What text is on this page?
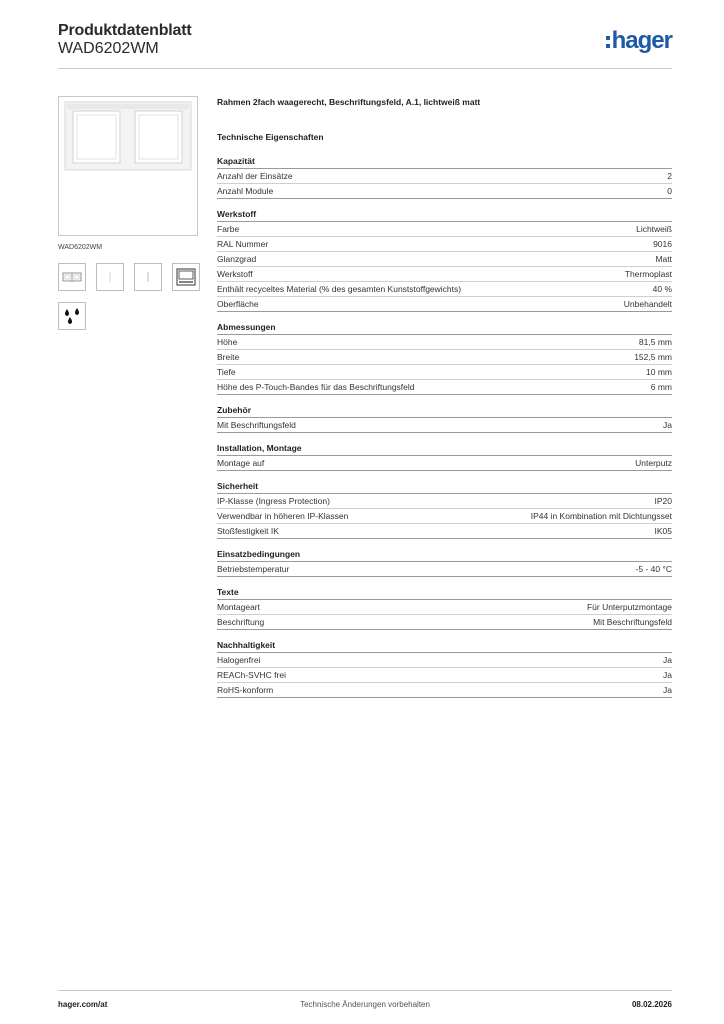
Produktdatenblatt
WAD6202WM	hager
WAD6202WM
Rahmen 2fach waagerecht, Beschriftungsfeld, A.1, lichtweiß matt
Technische Eigenschaften
Kapazität
Anzahl der Einsätze	2
Anzahl Module	0
Werkstoff
Farbe	Lichtweiß
RAL Nummer	9016
Glanzgrad	Matt
Werkstoff	Thermoplast
Enthält recyceltes Material (% des gesamten Kunststoffgewichts)	40 %
Oberfläche	Unbehandelt
Abmessungen
Höhe	81,5 mm
Breite	152,5 mm
Tiefe	10 mm
Höhe des P-Touch-Bandes für das Beschriftungsfeld	6 mm
Zubehör
Mit Beschriftungsfeld	Ja
Installation, Montage
Montage auf	Unterputz
Sicherheit
IP-Klasse (Ingress Protection)	IP20
Verwendbar in höheren IP-Klassen	IP44 in Kombination mit Dichtungsset
Stoßfestigkeit IK	IK05
Einsatzbedingungen
Betriebstemperatur	-5 - 40 °C
Texte
Montageart	Für Unterputzmontage
Beschriftung	Mit Beschriftungsfeld
Nachhaltigkeit
Halogenfrei	Ja
REACh-SVHC frei	Ja
RoHS-konform	Ja
hager.com/at	Technische Änderungen vorbehalten	08.02.2026
